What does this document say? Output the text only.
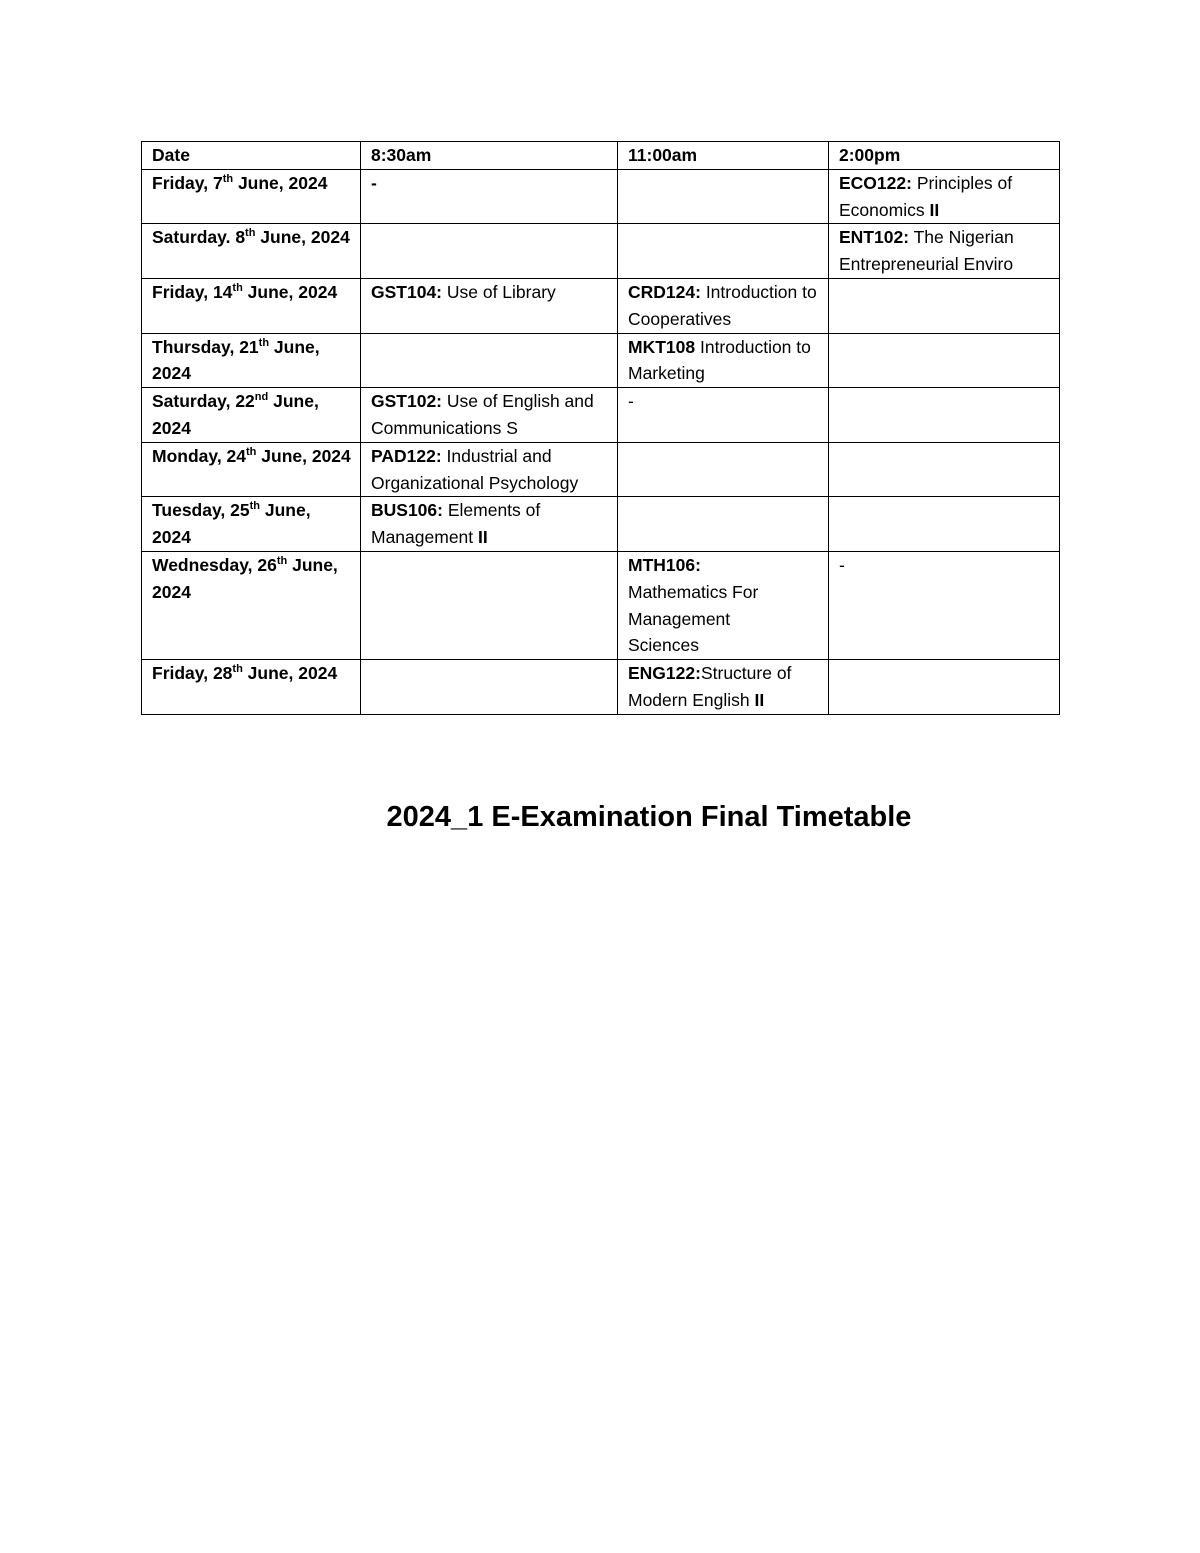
Date	8:30am	11:00am	2:00pm
Friday, 7th June, 2024	-		ECO122: Principles of Economics II
Saturday. 8th June, 2024			ENT102: The Nigerian Entrepreneurial Enviro
Friday, 14th June, 2024	GST104: Use of Library	CRD124: Introduction to Cooperatives	
Thursday, 21th June, 2024		MKT108 Introduction to Marketing	
Saturday, 22nd June, 2024	GST102: Use of English and Communications S	-	
Monday, 24th June, 2024	PAD122: Industrial and Organizational Psychology		
Tuesday, 25th June, 2024	BUS106: Elements of Management II		
Wednesday, 26th June, 2024		MTH106: Mathematics For Management Sciences	-
Friday, 28th June, 2024		ENG122:Structure of Modern English II	
2024_1 E-Examination Final Timetable
